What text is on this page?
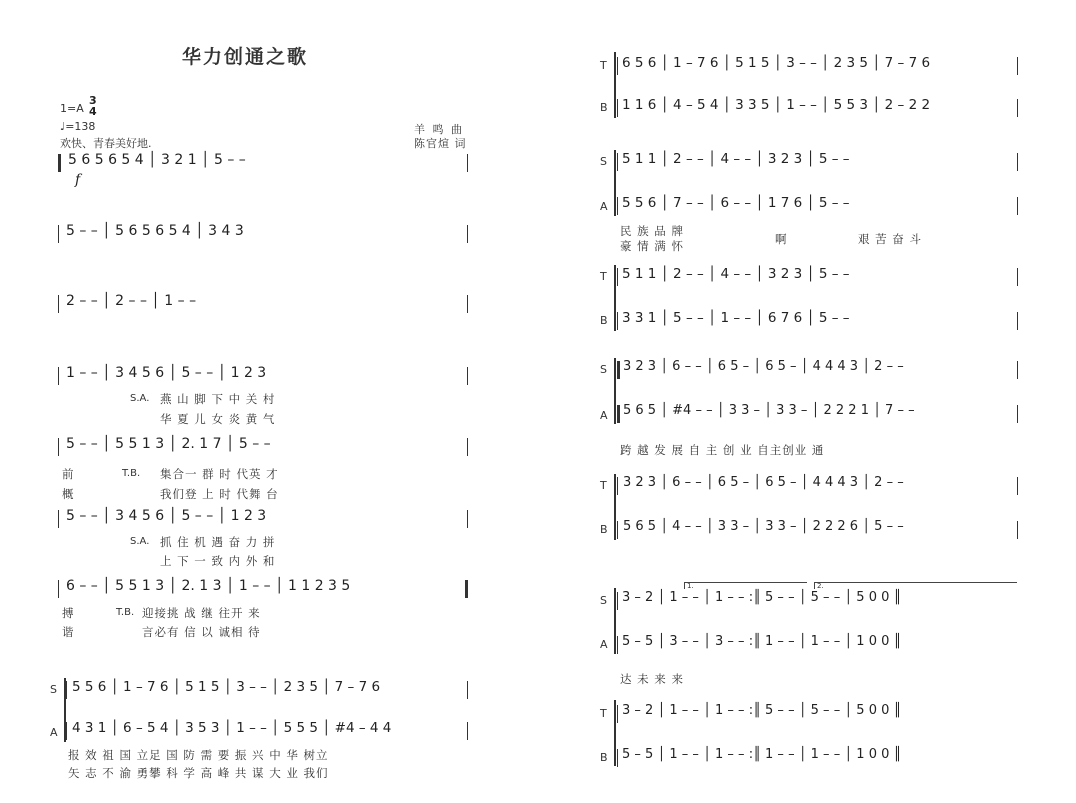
华力创通之歌
1=A
3
4
♩=138
欢快、青春美好地.
羊 鸣 曲
陈官煊 词
5 6 5 6 5 4 │ 3 2 1 │ 5 – –
f
5 – – │ 5 6 5 6 5 4 │ 3 4 3
2 – – │ 2 – – │ 1 – –
1 – – │ 3 4 5 6 │ 5 – – │ 1 2 3
S.A. 燕 山 脚 下 中 关 村
华 夏 儿 女 炎 黄 气
5 – – │ 5 5 1 3 │ 2. 1 7 │ 5 – –
前	T.B. 集合一 群 时 代英 才
概	我们登 上 时 代舞 台
5 – – │ 3 4 5 6 │ 5 – – │ 1 2 3
S.A. 抓 住 机 遇 奋 力 拼
上 下 一 致 内 外 和
6 – – │ 5 5 1 3 │ 2. 1 3 │ 1 – – │ 1 1 2 3 5
搏	T.B. 迎接挑 战 继 往开 来
谐	言必有 信 以 诚相 待
S
A
5 5 6 │ 1 – 7 6 │ 5 1 5 │ 3 – – │ 2 3 5 │ 7 – 7 6
4 3 1 │ 6 – 5 4 │ 3 5 3 │ 1 – – │ 5 5 5 │ #4 – 4 4
报 效 祖 国 立足 国 防 需 要 振 兴 中 华 树立
矢 志 不 渝 勇攀 科 学 高 峰 共 谋 大 业 我们
T
B
6 5 6 │ 1 – 7 6 │ 5 1 5 │ 3 – – │ 2 3 5 │ 7 – 7 6
1 1 6 │ 4 – 5 4 │ 3 3 5 │ 1 – – │ 5 5 3 │ 2 – 2 2
S
A
5 1 1 │ 2 – – │ 4 – – │ 3 2 3 │ 5 – –
5 5 6 │ 7 – – │ 6 – – │ 1 7 6 │ 5 – –
民 族 品 牌
豪 情 满 怀	啊	艰 苦 奋 斗
T
B
5 1 1 │ 2 – – │ 4 – – │ 3 2 3 │ 5 – –
3 3 1 │ 5 – – │ 1 – – │ 6 7 6 │ 5 – –
S
A
3 2 3 │ 6 – – │ 6 5 – │ 6 5 – │ 4 4 4 3 │ 2 – –
5 6 5 │ #4 – – │ 3 3 – │ 3 3 – │ 2 2 2 1 │ 7 – –
跨 越 发 展 自 主 创 业 自主创业 通
T
B
3 2 3 │ 6 – – │ 6 5 – │ 6 5 – │ 4 4 4 3 │ 2 – –
5 6 5 │ 4 – – │ 3 3 – │ 3 3 – │ 2 2 2 6 │ 5 – –
S
A
1.	2.
3 – 2 │ 1 – – │ 1 – – :║ 5 – – │ 5 – – │ 5 0 0 ║
5 – 5 │ 3 – – │ 3 – – :║ 1 – – │ 1 – – │ 1 0 0 ║
达 未 来 来
T
B
3 – 2 │ 1 – – │ 1 – – :║ 5 – – │ 5 – – │ 5 0 0 ║
5 – 5 │ 1 – – │ 1 – – :║ 1 – – │ 1 – – │ 1 0 0 ║
